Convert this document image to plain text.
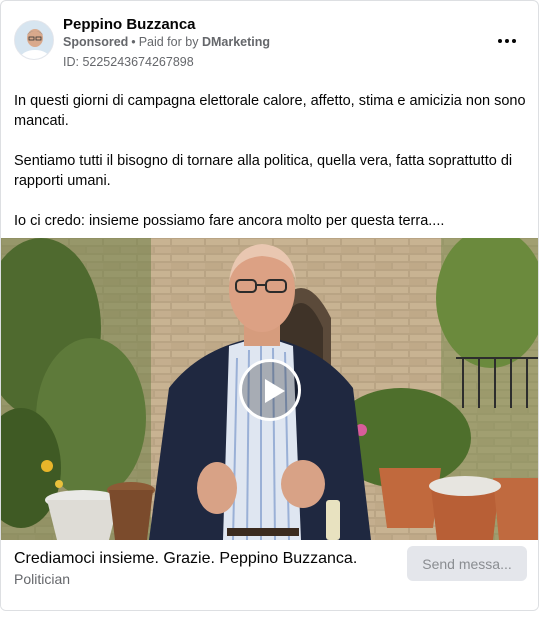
Peppino Buzzanca
Sponsored • Paid for by DMarketing
ID: 5225243674267898

In questi giorni di campagna elettorale calore, affetto, stima e amicizia non sono mancati.

Sentiamo tutti il bisogno di tornare alla politica, quella vera, fatta soprattutto di rapporti umani.

Io ci credo: insieme possiamo fare ancora molto per questa terra....

Crediamoci insieme. Grazie. Peppino Buzzanca.
Politician
Send messa...
